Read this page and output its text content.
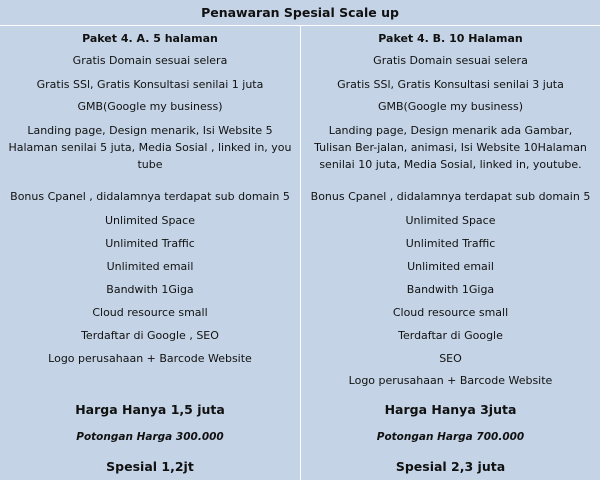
Penawaran Spesial Scale up
Paket 4. A. 5 halaman
Gratis Domain sesuai selera
Gratis SSl, Gratis Konsultasi senilai 1 juta
GMB(Google my business)
Landing page, Design menarik, Isi Website 5 Halaman senilai 5 juta, Media Sosial , linked in, you tube
Bonus Cpanel , didalamnya terdapat sub domain 5
Unlimited Space
Unlimited Traffic
Unlimited email
Bandwith 1Giga
Cloud resource small
Terdaftar di Google , SEO
Logo perusahaan + Barcode Website
Harga Hanya 1,5 juta
Potongan Harga 300.000
Spesial 1,2jt
Paket 4. B. 10 Halaman
Gratis Domain sesuai selera
Gratis SSl, Gratis Konsultasi senilai 3 juta
GMB(Google my business)
Landing page, Design menarik ada Gambar, Tulisan Ber-jalan, animasi, Isi Website 10Halaman senilai 10 juta, Media Sosial, linked in, youtube.
Bonus Cpanel , didalamnya terdapat sub domain 5
Unlimited Space
Unlimited Traffic
Unlimited email
Bandwith 1Giga
Cloud resource small
Terdaftar di Google
SEO
Logo perusahaan + Barcode Website
Harga Hanya 3juta
Potongan Harga 700.000
Spesial 2,3 juta
